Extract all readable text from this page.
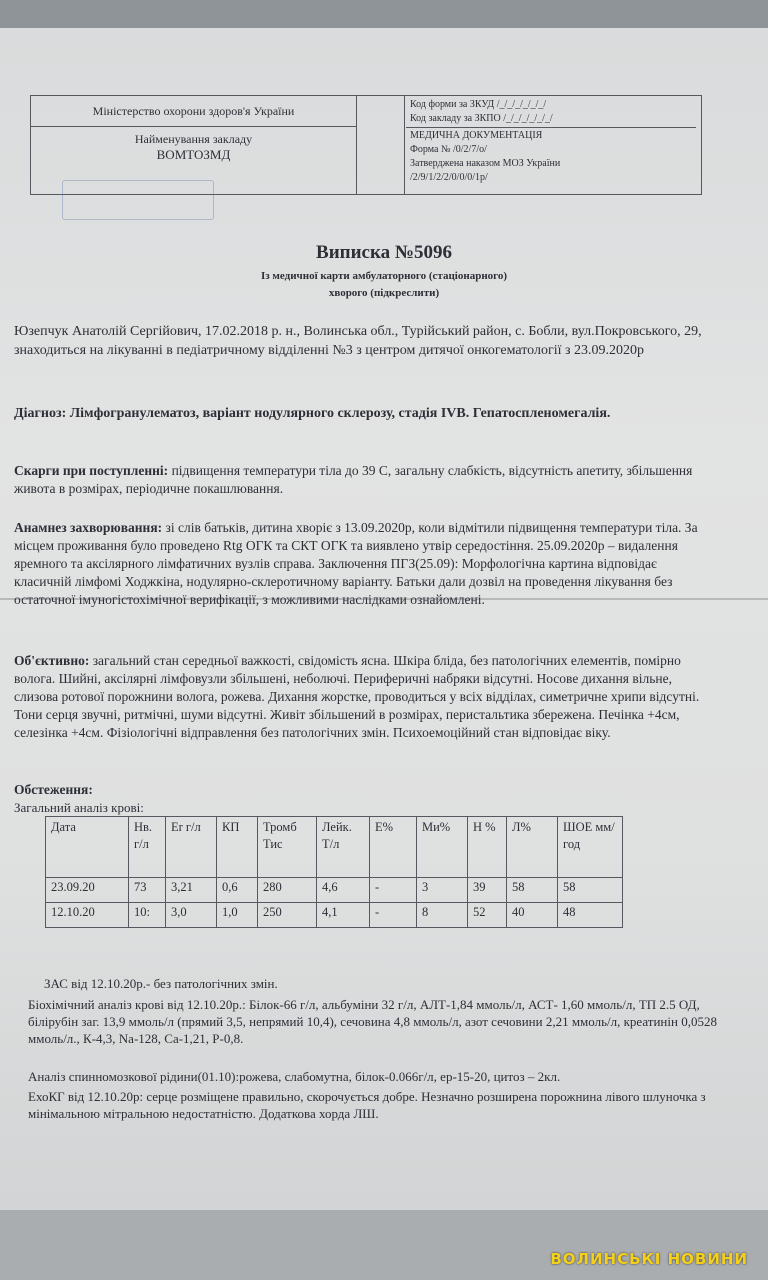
Міністерство охорони здоров'я України
Найменування закладу
ВОМТОЗМД
Код форми за ЗКУД /_/_/_/_/_/_/
Код закладу за ЗКПО /_/_/_/_/_/_/
МЕДИЧНА ДОКУМЕНТАЦІЯ
Форма № /0/2/7/о/
Затверджена наказом МОЗ України
/2/9/1/2/2/0/0/0/1р/
Виписка №5096
Із медичної карти амбулаторного (стаціонарного)
хворого (підкреслити)
Юзепчук Анатолій Сергійович, 17.02.2018 р. н., Волинська обл., Турійський район, с. Бобли, вул.Покровського, 29, знаходиться на лікуванні в педіатричному відділенні №3 з центром дитячої онкогематології з 23.09.2020р
Діагноз: Лімфогранулематоз, варіант нодулярного склерозу, стадія IVB. Гепатоспленомегалія.
Скарги при поступленні: підвищення температури тіла до 39 С, загальну слабкість, відсутність апетиту, збільшення живота в розмірах, періодичне покашлювання.
Анамнез захворювання: зі слів батьків, дитина хворіє з 13.09.2020р, коли відмітили підвищення температури тіла. За місцем проживання було проведено Rtg ОГК та СКТ ОГК та виявлено утвір середостіння. 25.09.2020р – видалення яремного та аксілярного лімфатичних вузлів справа. Заключення ПГЗ(25.09): Морфологічна картина відповідає класичній лімфомі Ходжкіна, нодулярно-склеротичному варіанту. Батьки дали дозвіл на проведення лікування без остаточної імуногістохімічної верифікації, з можливими наслідками ознайомлені.
Об'єктивно: загальний стан середньої важкості, свідомість ясна. Шкіра бліда, без патологічних елементів, помірно волога. Шийні, аксілярні лімфовузли збільшені, неболючі. Периферичні набряки відсутні. Носове дихання вільне, слизова ротової порожнини волога, рожева. Дихання жорстке, проводиться у всіх відділах, симетричне хрипи відсутні. Тони серця звучні, ритмічні, шуми відсутні. Живіт збільшений в розмірах, перистальтика збережена. Печінка +4см, селезінка +4см. Фізіологічні відправлення без патологічних змін. Психоемоційний стан відповідає віку.
Обстеження:
Загальний аналіз крові:
Дата	Нв. г/л	Er г/л	КП	Тромб Тис	Лейк. Т/л	Е%	Ми%	Н %	Л%	ШОЕ мм/год
23.09.20	73	3,21	0,6	280	4,6	-	3	39	58	58
12.10.20	10:	3,0	1,0	250	4,1	-	8	52	40	48
ЗАС від 12.10.20р.- без патологічних змін.
Біохімічний аналіз крові від 12.10.20р.: Білок-66 г/л, альбуміни 32 г/л, АЛТ-1,84 ммоль/л, АСТ- 1,60 ммоль/л, ТП 2.5 ОД, білірубін заг. 13,9 ммоль/л (прямий 3,5, непрямий 10,4), сечовина 4,8 ммоль/л, азот сечовини 2,21 ммоль/л, креатинін 0,0528 ммоль/л., К-4,3, Na-128, Ca-1,21, P-0,8.
Аналіз спинномозкової рідини(01.10):рожева, слабомутна, білок-0.066г/л, ер-15-20, цитоз – 2кл.
ЕхоКГ від 12.10.20р: серце розміщене правильно, скорочується добре. Незначно розширена порожнина лівого шлуночка з мінімальною мітральною недостатністю. Додаткова хорда ЛШ.
ВОЛИНСЬКІ НОВИНИ
